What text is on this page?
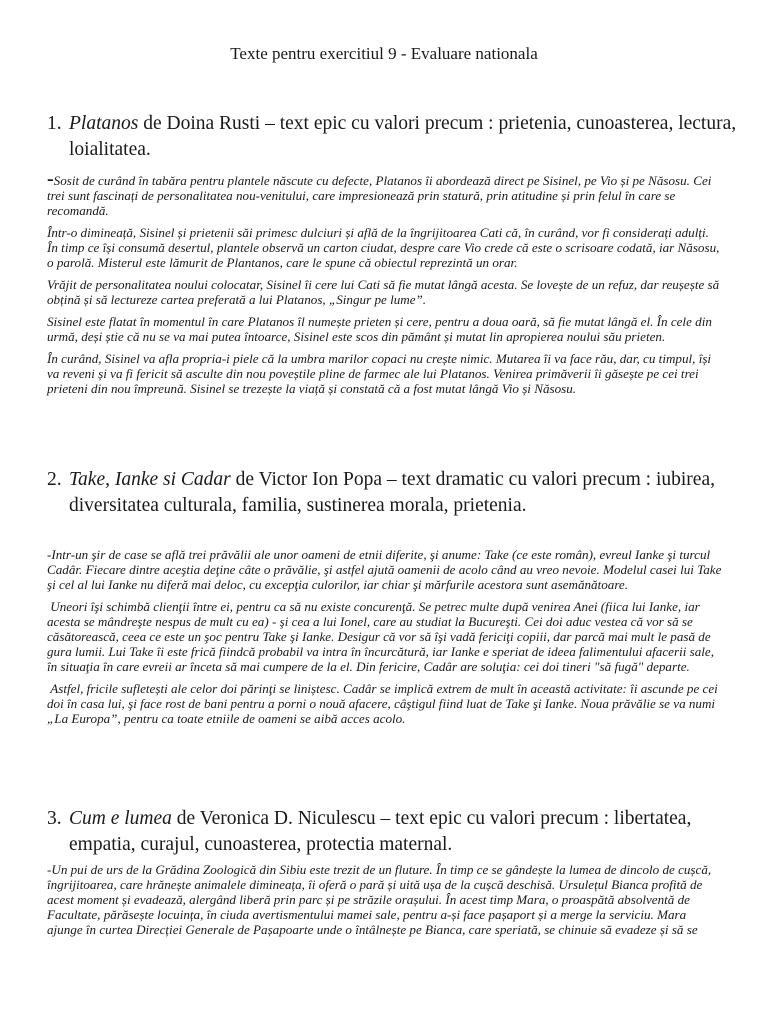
Texte pentru exercitiul 9 - Evaluare nationala
1. Platanos de Doina Rusti – text epic cu valori precum : prietenia, cunoasterea, lectura, loialitatea.

-Sosit de curând în tabăra pentru plantele născute cu defecte, Platanos îi abordează direct pe Sisinel, pe Vio și pe Năsosu. Cei trei sunt fascinați de personalitatea nou-venitului, care impresionează prin statură, prin atitudine și prin felul în care se recomandă.

Într-o dimineață, Sisinel și prietenii săi primesc dulciuri și află de la îngrijitoarea Cati că, în curând, vor fi considerați adulți. În timp ce își consumă desertul, plantele observă un carton ciudat, despre care Vio crede că este o scrisoare codată, iar Năsosu, o parolă. Misterul este lămurit de Plantanos, care le spune că obiectul reprezintă un orar.

Vrăjit de personalitatea noului colocatar, Sisinel îi cere lui Cati să fie mutat lângă acesta. Se lovește de un refuz, dar reușește să obțină și să lectureze cartea preferată a lui Platanos, „Singur pe lume”.

Sisinel este flatat în momentul în care Platanos îl numește prieten și cere, pentru a doua oară, să fie mutat lângă el. În cele din urmă, deși știe că nu se va mai putea întoarce, Sisinel este scos din pământ și mutat lin apropierea noului său prieten.

În curând, Sisinel va afla propria-i piele că la umbra marilor copaci nu crește nimic. Mutarea îi va face rău, dar, cu timpul, își va reveni și va fi fericit să asculte din nou poveștile pline de farmec ale lui Platanos. Venirea primăverii îi găsește pe cei trei prieteni din nou împreună. Sisinel se trezește la viață și constată că a fost mutat lângă Vio și Năsosu.

2. Take, Ianke si Cadar de Victor Ion Popa – text dramatic cu valori precum : iubirea, diversitatea culturala, familia, sustinerea morala, prietenia.

-Intr-un şir de case se află trei prăvălii ale unor oameni de etnii diferite, şi anume: Take (ce este român), evreul Ianke şi turcul Cadâr. Fiecare dintre aceştia deţine câte o prăvălie, şi astfel ajută oamenii de acolo când au vreo nevoie. Modelul casei lui Take şi cel al lui Ianke nu diferă mai deloc, cu excepţia culorilor, iar chiar şi mărfurile acestora sunt asemănătoare.

Uneori îşi schimbă clienţii între ei, pentru ca să nu existe concurenţă. Se petrec multe după venirea Anei (fiica lui Ianke, iar acesta se mândreşte nespus de mult cu ea) - şi cea a lui Ionel, care au studiat la Bucureşti. Cei doi aduc vestea că vor să se căsătorească, ceea ce este un şoc pentru Take şi Ianke. Desigur că vor să îşi vadă fericiţi copiii, dar parcă mai mult le pasă de gura lumii. Lui Take îi este frică fiindcă probabil va intra în încurcătură, iar Ianke e speriat de ideea falimentului afacerii sale, în situaţia în care evreii ar înceta să mai cumpere de la el. Din fericire, Cadâr are soluţia: cei doi tineri "să fugă" departe.

Astfel, fricile sufletești ale celor doi părinţi se liniștesc. Cadâr se implică extrem de mult în această activitate: îi ascunde pe cei doi în casa lui, şi face rost de bani pentru a porni o nouă afacere, câştigul fiind luat de Take şi Ianke. Noua prăvălie se va numi „La Europa”, pentru ca toate etniile de oameni se aibă acces acolo.

3. Cum e lumea de Veronica D. Niculescu – text epic cu valori precum : libertatea, empatia, curajul, cunoasterea, protectia maternal.

-Un pui de urs de la Grădina Zoologică din Sibiu este trezit de un fluture. În timp ce se gândește la lumea de dincolo de cușcă, îngrijitoarea, care hrănește animalele dimineața, îi oferă o pară și uită ușa de la cușcă deschisă. Ursulețul Bianca profită de acest moment și evadează, alergând liberă prin parc și pe străzile orașului. În acest timp Mara, o proaspătă absolventă de Facultate, părăsește locuința, în ciuda avertismentului mamei sale, pentru a-și face pașaport și a merge la serviciu. Mara ajunge în curtea Direcției Generale de Pașapoarte unde o întâlnește pe Bianca, care speriată, se chinuie să evadeze și să se
